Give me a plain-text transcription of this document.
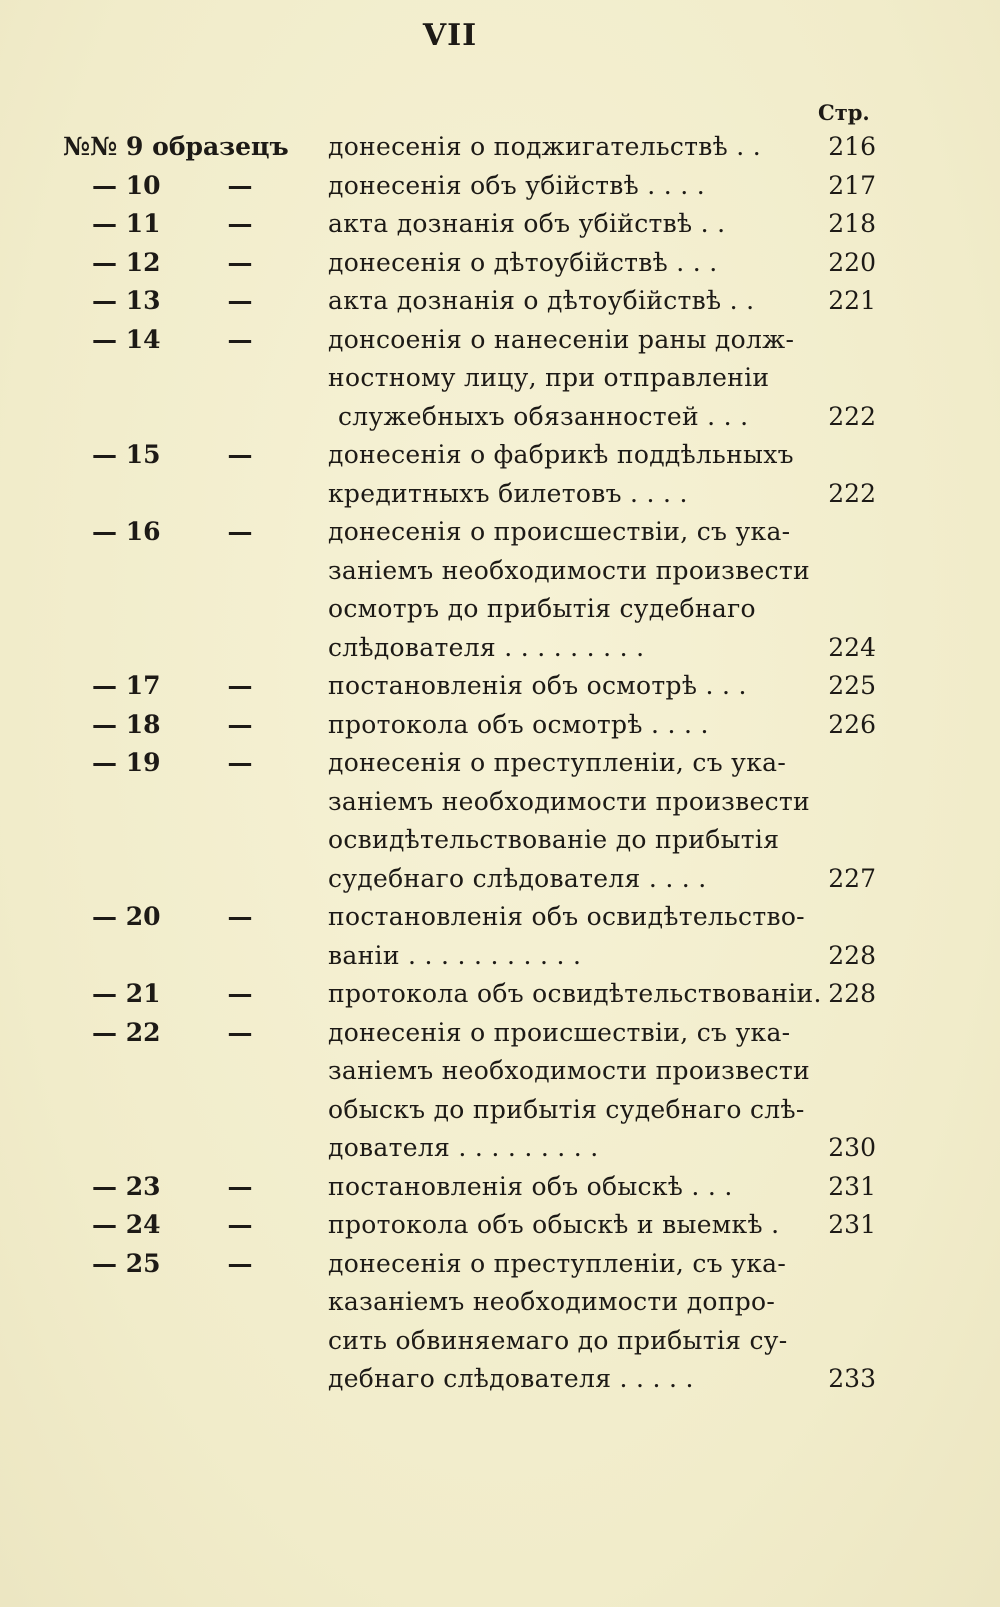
VII
Стр.
№№ 9 образецъ донесенія о поджигательствѣ . .	216
— 10	—	донесенія объ убійствѣ . . . .	217
— 11	—	акта дознанія объ убійствѣ . .	218
— 12	—	донесенія о дѣтоубійствѣ . . .	220
— 13	—	акта дознанія о дѣтоубійствѣ . .	221
— 14	—	донсоенія о нанесеніи раны долж-
ностному лицу, при отправленіи
служебныхъ обязанностей . . .	222
— 15	—	донесенія о фабрикѣ поддѣльныхъ
кредитныхъ билетовъ . . . .	222
— 16	—	донесенія о происшествіи, съ ука-
заніемъ необходимости произвести
осмотръ до прибытія судебнаго
слѣдователя . . . . . . . . .	224
— 17	—	постановленія объ осмотрѣ . . .	225
— 18	—	протокола объ осмотрѣ . . . .	226
— 19	—	донесенія о преступленіи, съ ука-
заніемъ необходимости произвести
освидѣтельствованіе до прибытія
судебнаго слѣдователя . . . .	227
— 20	—	постановленія объ освидѣтельство-
ваніи . . . . . . . . . . .	228
— 21	—	протокола объ освидѣтельствованіи. 228
— 22	—	донесенія о происшествіи, съ ука-
заніемъ необходимости произвести
обыскъ до прибытія судебнаго слѣ-
дователя . . . . . . . . .	230
— 23	—	постановленія объ обыскѣ . . .	231
— 24	—	протокола объ обыскѣ и выемкѣ .	231
— 25	—	донесенія о преступленіи, съ ука-
казаніемъ необходимости допро-
сить обвиняемаго до прибытія су-
дебнаго слѣдователя . . . . .	233
